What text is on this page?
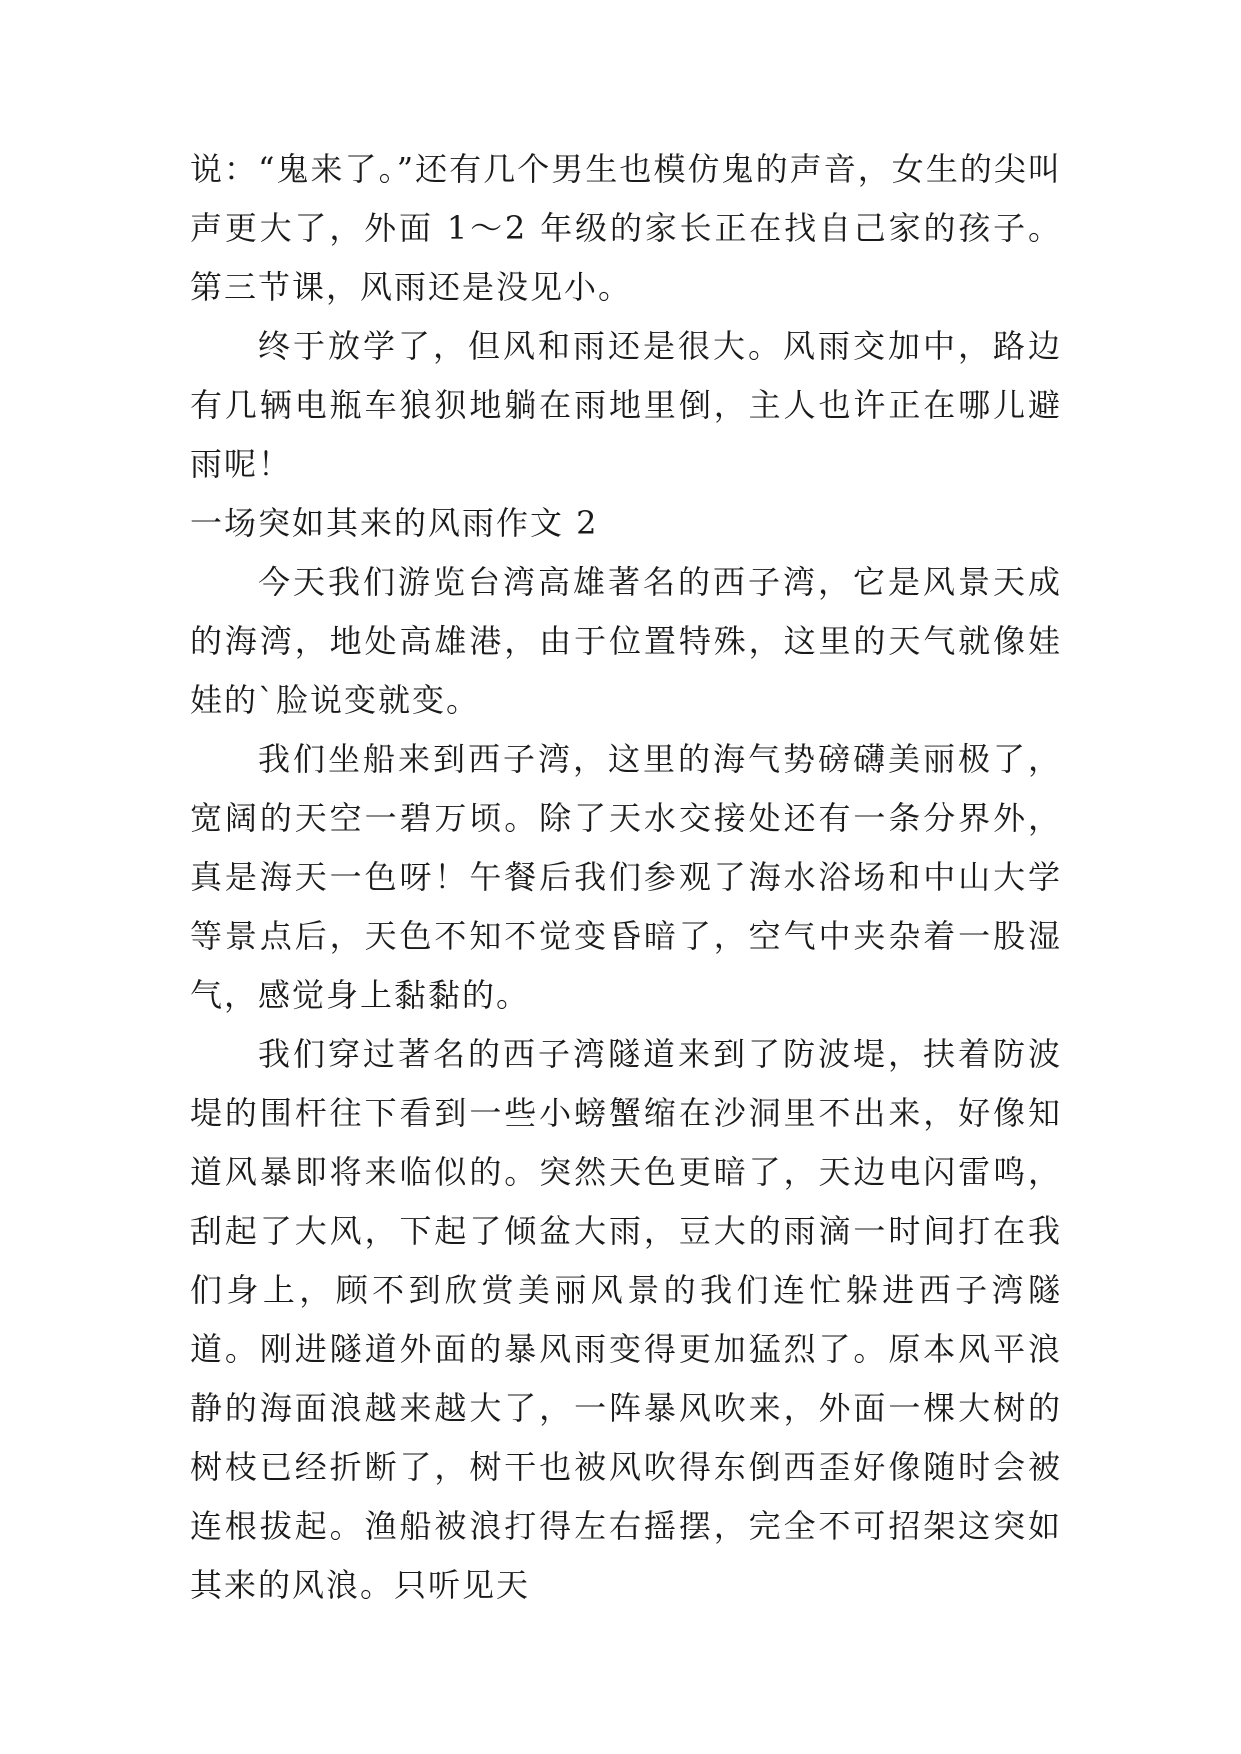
说：“鬼来了。”还有几个男生也模仿鬼的声音，女生的尖叫声更大了，外面 1～2 年级的家长正在找自己家的孩子。第三节课，风雨还是没见小。

终于放学了，但风和雨还是很大。风雨交加中，路边有几辆电瓶车狼狈地躺在雨地里倒，主人也许正在哪儿避雨呢！

一场突如其来的风雨作文 2

今天我们游览台湾高雄著名的西子湾，它是风景天成的海湾，地处高雄港，由于位置特殊，这里的天气就像娃娃的`脸说变就变。

我们坐船来到西子湾，这里的海气势磅礴美丽极了，宽阔的天空一碧万顷。除了天水交接处还有一条分界外，真是海天一色呀！午餐后我们参观了海水浴场和中山大学等景点后，天色不知不觉变昏暗了，空气中夹杂着一股湿气，感觉身上黏黏的。

我们穿过著名的西子湾隧道来到了防波堤，扶着防波堤的围杆往下看到一些小螃蟹缩在沙洞里不出来，好像知道风暴即将来临似的。突然天色更暗了，天边电闪雷鸣，刮起了大风，下起了倾盆大雨，豆大的雨滴一时间打在我们身上，顾不到欣赏美丽风景的我们连忙躲进西子湾隧道。刚进隧道外面的暴风雨变得更加猛烈了。原本风平浪静的海面浪越来越大了，一阵暴风吹来，外面一棵大树的树枝已经折断了，树干也被风吹得东倒西歪好像随时会被连根拔起。渔船被浪打得左右摇摆，完全不可招架这突如其来的风浪。只听见天
